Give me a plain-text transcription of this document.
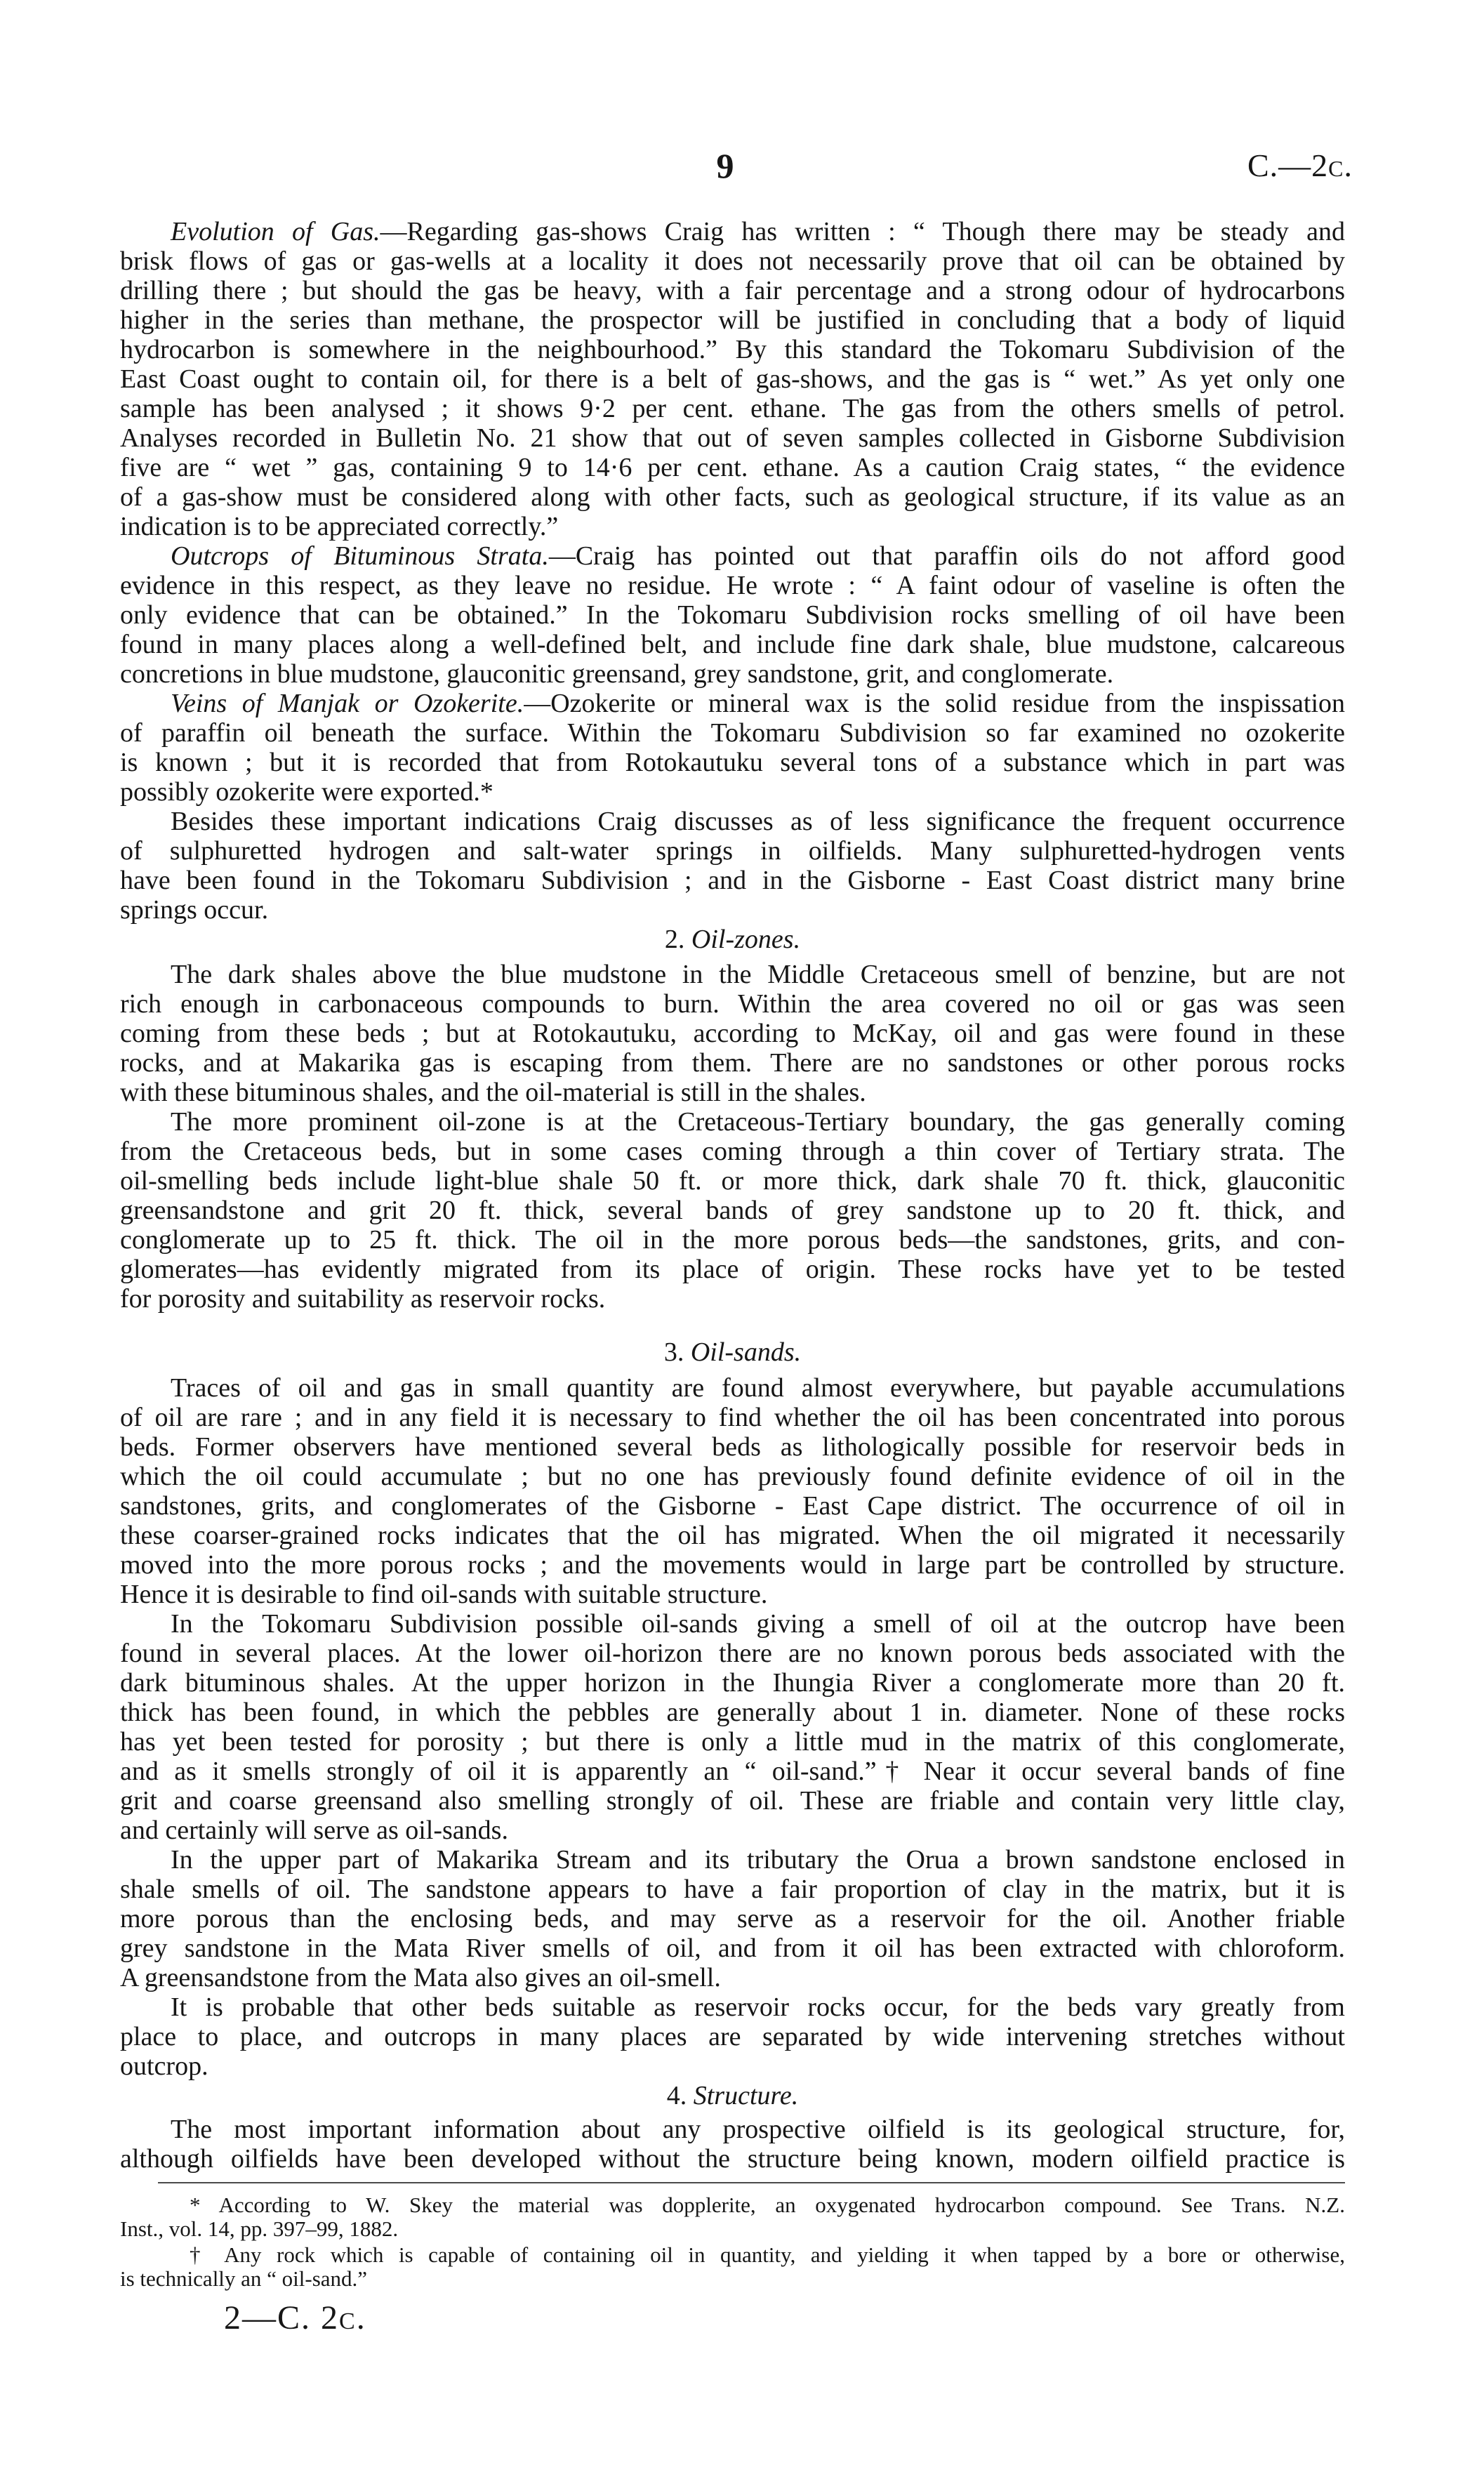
9	C.—2c.
Evolution of Gas.—Regarding gas-shows Craig has written : “ Though there may be steady and
brisk flows of gas or gas-wells at a locality it does not necessarily prove that oil can be obtained by
drilling there ; but should the gas be heavy, with a fair percentage and a strong odour of hydrocarbons
higher in the series than methane, the prospector will be justified in concluding that a body of liquid
hydrocarbon is somewhere in the neighbourhood.” By this standard the Tokomaru Subdivision of the
East Coast ought to contain oil, for there is a belt of gas-shows, and the gas is “ wet.” As yet only one
sample has been analysed ; it shows 9·2 per cent. ethane. The gas from the others smells of petrol.
Analyses recorded in Bulletin No. 21 show that out of seven samples collected in Gisborne Subdivision
five are “ wet ” gas, containing 9 to 14·6 per cent. ethane. As a caution Craig states, “ the evidence
of a gas-show must be considered along with other facts, such as geological structure, if its value as an
indication is to be appreciated correctly.”
Outcrops of Bituminous Strata.—Craig has pointed out that paraffin oils do not afford good
evidence in this respect, as they leave no residue. He wrote : “ A faint odour of vaseline is often the
only evidence that can be obtained.” In the Tokomaru Subdivision rocks smelling of oil have been
found in many places along a well-defined belt, and include fine dark shale, blue mudstone, calcareous
concretions in blue mudstone, glauconitic greensand, grey sandstone, grit, and conglomerate.
Veins of Manjak or Ozokerite.—Ozokerite or mineral wax is the solid residue from the inspissation
of paraffin oil beneath the surface. Within the Tokomaru Subdivision so far examined no ozokerite
is known ; but it is recorded that from Rotokautuku several tons of a substance which in part was
possibly ozokerite were exported.*
Besides these important indications Craig discusses as of less significance the frequent occurrence
of sulphuretted hydrogen and salt-water springs in oilfields. Many sulphuretted-hydrogen vents
have been found in the Tokomaru Subdivision ; and in the Gisborne - East Coast district many brine
springs occur.
2. Oil-zones.
The dark shales above the blue mudstone in the Middle Cretaceous smell of benzine, but are not
rich enough in carbonaceous compounds to burn. Within the area covered no oil or gas was seen
coming from these beds ; but at Rotokautuku, according to McKay, oil and gas were found in these
rocks, and at Makarika gas is escaping from them. There are no sandstones or other porous rocks
with these bituminous shales, and the oil-material is still in the shales.
The more prominent oil-zone is at the Cretaceous-Tertiary boundary, the gas generally coming
from the Cretaceous beds, but in some cases coming through a thin cover of Tertiary strata. The
oil-smelling beds include light-blue shale 50 ft. or more thick, dark shale 70 ft. thick, glauconitic
greensandstone and grit 20 ft. thick, several bands of grey sandstone up to 20 ft. thick, and
conglomerate up to 25 ft. thick. The oil in the more porous beds—the sandstones, grits, and con-
glomerates—has evidently migrated from its place of origin. These rocks have yet to be tested
for porosity and suitability as reservoir rocks.
3. Oil-sands.
Traces of oil and gas in small quantity are found almost everywhere, but payable accumulations
of oil are rare ; and in any field it is necessary to find whether the oil has been concentrated into porous
beds. Former observers have mentioned several beds as lithologically possible for reservoir beds in
which the oil could accumulate ; but no one has previously found definite evidence of oil in the
sandstones, grits, and conglomerates of the Gisborne - East Cape district. The occurrence of oil in
these coarser-grained rocks indicates that the oil has migrated. When the oil migrated it necessarily
moved into the more porous rocks ; and the movements would in large part be controlled by structure.
Hence it is desirable to find oil-sands with suitable structure.
In the Tokomaru Subdivision possible oil-sands giving a smell of oil at the outcrop have been
found in several places. At the lower oil-horizon there are no known porous beds associated with the
dark bituminous shales. At the upper horizon in the Ihungia River a conglomerate more than 20 ft.
thick has been found, in which the pebbles are generally about 1 in. diameter. None of these rocks
has yet been tested for porosity ; but there is only a little mud in the matrix of this conglomerate,
and as it smells strongly of oil it is apparently an “ oil-sand.”† Near it occur several bands of fine
grit and coarse greensand also smelling strongly of oil. These are friable and contain very little clay,
and certainly will serve as oil-sands.
In the upper part of Makarika Stream and its tributary the Orua a brown sandstone enclosed in
shale smells of oil. The sandstone appears to have a fair proportion of clay in the matrix, but it is
more porous than the enclosing beds, and may serve as a reservoir for the oil. Another friable
grey sandstone in the Mata River smells of oil, and from it oil has been extracted with chloroform.
A greensandstone from the Mata also gives an oil-smell.
It is probable that other beds suitable as reservoir rocks occur, for the beds vary greatly from
place to place, and outcrops in many places are separated by wide intervening stretches without
outcrop.
4. Structure.
The most important information about any prospective oilfield is its geological structure, for,
although oilfields have been developed without the structure being known, modern oilfield practice is
* According to W. Skey the material was dopplerite, an oxygenated hydrocarbon compound. See Trans. N.Z.
Inst., vol. 14, pp. 397–99, 1882.
† Any rock which is capable of containing oil in quantity, and yielding it when tapped by a bore or otherwise,
is technically an “ oil-sand.”
2—C. 2c.
